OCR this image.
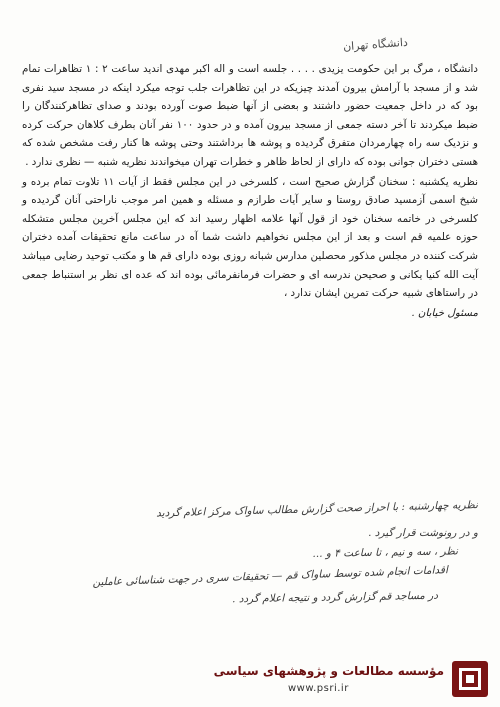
دانشگاه تهران

دانشگاه ، مرگ بر این حکومت یزیدی . . . . جلسه است و اله اکبر مهدی اندید ساعت ۲ : ۱ تظاهرات تمام شد و از مسجد با آرامش بیرون آمدند چیزیکه در این تظاهرات جلب توجه میکرد اینکه در مسجد سید نفری بود که در داخل جمعیت حضور داشتند و بعضی از آنها ضبط صوت آورده بودند و صدای تظاهرکنندگان را ضبط میکردند تا آخر دسته جمعی از مسجد بیرون آمده و در حدود ۱۰۰ نفر آنان بطرف کلاهان حرکت کرده و نزدیک سه راه چهارمردان متفرق گردیده و پوشه ها برداشتند وحتی پوشه ها کنار رفت مشخص شده که هستی دختران جوانی بوده که دارای از لحاظ ظاهر و خطرات تهران میخواندند نظریه شنبه — نظری ندارد .

نظریه یکشنبه : سخنان گزارش صحیح است ، کلسرخی در این مجلس فقط از آیات ۱۱ تلاوت تمام برده و شیخ اسمی آزمسید صادق روستا و سایر آیات طرازم و مسئله و همین امر موجب ناراحتی آنان گردیده و کلسرخی در خاتمه سخنان خود از قول آنها علامه اظهار رسید اند که این مجلس آخرین مجلس متشکله حوزه علمیه قم است و بعد از این مجلس نخواهیم داشت شما آه در ساعت مانع تحقیقات آمده دختران شرکت کننده در مجلس مذکور محصلین مدارس شبانه روزی بوده دارای قم ها و مکتب توحید رضایی میباشد آیت الله کنیا یکانی و صحیحن ندرسه ای و حضرات فرمانفرمائی بوده اند که عده ای نظر بر استنباط جمعی در راستاهای شبیه حرکت تمرین ایشان ندارد ،

مسئول خیابان .

نظریه چهارشنبه : با احراز صحت گزارش مطالب ساواک مرکز اعلام گردید
و در رونوشت قرار گیرد .
نظر ، سه و نیم ، تا ساعت ۴ و ...
اقدامات انجام شده توسط ساواک قم — تحقیقات سری در جهت شناسائی عاملین
در مساجد قم گزارش گردد و نتیجه اعلام گردد .
مؤسسه مطالعات و پژوهشهای سیاسی
www.psri.ir
